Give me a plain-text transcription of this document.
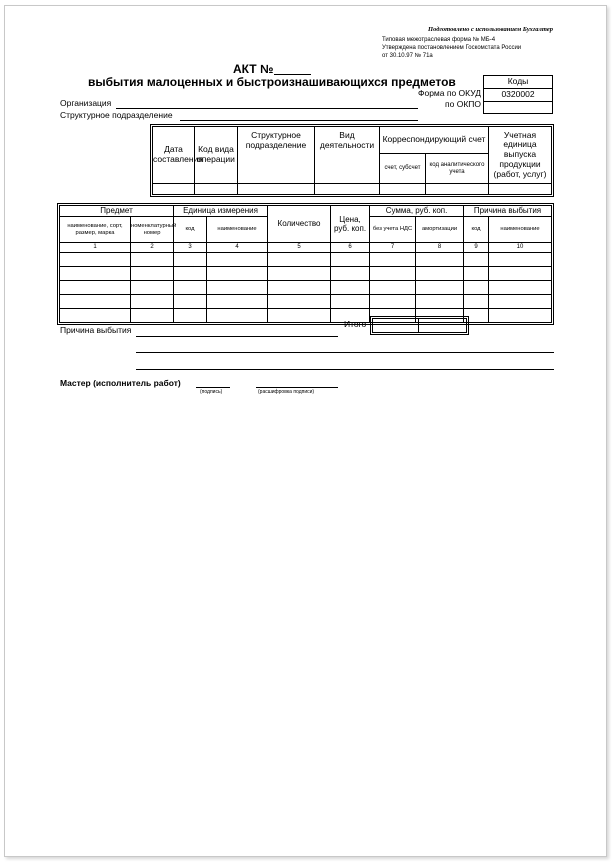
Подготовлено с использованием Бухгалтер
Типовая межотраслевая форма № МБ-4
Утверждена постановлением Госкомстата России
от 30.10.97 № 71а
Коды
0320002

Форма по ОКУД
по ОКПО
АКТ №
выбытия малоценных и быстроизнашивающихся предметов
Организация
Структурное подразделение
Дата составления	Код вида операции	Структурное подразделение	Вид деятельности	Корреспондирующий счет		Учетная единица выпуска продукции (работ, услуг)
				счет, субсчет	код аналитического учета	

Предмет		Единица измерения		Количество	Цена, руб. коп.	Сумма, руб. коп.		Причина выбытия	
наименование, сорт, размер, марка	номенклатурный номер	код	наименование			без учета НДС	амортизации	код	наименование
1	2	3	4	5	6	7	8	9	10

Итого

Причина выбытия
Мастер (исполнитель работ)
(подпись)	(расшифровка подписи)
